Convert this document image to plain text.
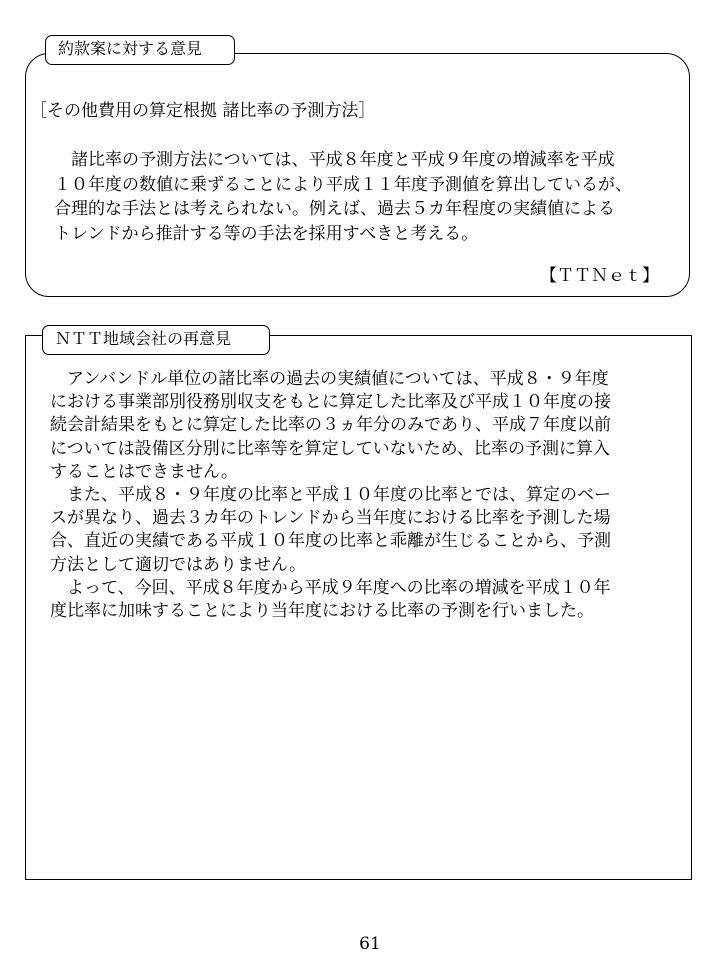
約款案に対する意見
［その他費用の算定根拠 諸比率の予測方法］
　諸比率の予測方法については、平成８年度と平成９年度の増減率を平成
１０年度の数値に乗ずることにより平成１１年度予測値を算出しているが、
合理的な手法とは考えられない。例えば、過去５カ年程度の実績値による
トレンドから推計する等の手法を採用すべきと考える。
【ＴＴＮｅｔ】
ＮＴＴ地域会社の再意見
　アンバンドル単位の諸比率の過去の実績値については、平成８・９年度
における事業部別役務別収支をもとに算定した比率及び平成１０年度の接
続会計結果をもとに算定した比率の３ヵ年分のみであり、平成７年度以前
については設備区分別に比率等を算定していないため、比率の予測に算入
することはできません。
　また、平成８・９年度の比率と平成１０年度の比率とでは、算定のベー
スが異なり、過去３カ年のトレンドから当年度における比率を予測した場
合、直近の実績である平成１０年度の比率と乖離が生じることから、予測
方法として適切ではありません。
　よって、今回、平成８年度から平成９年度への比率の増減を平成１０年
度比率に加味することにより当年度における比率の予測を行いました。
61
